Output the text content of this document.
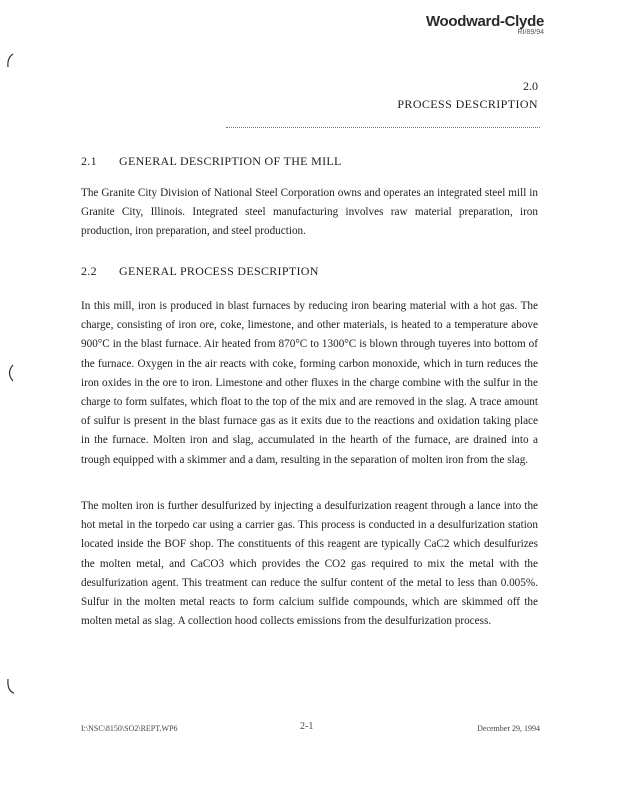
Woodward-Clyde
RI/89/94
2.0
PROCESS DESCRIPTION
2.1	GENERAL DESCRIPTION OF THE MILL

The Granite City Division of National Steel Corporation owns and operates an integrated steel mill in Granite City, Illinois. Integrated steel manufacturing involves raw material preparation, iron production, iron preparation, and steel production.

2.2	GENERAL PROCESS DESCRIPTION

In this mill, iron is produced in blast furnaces by reducing iron bearing material with a hot gas. The charge, consisting of iron ore, coke, limestone, and other materials, is heated to a temperature above 900°C in the blast furnace. Air heated from 870°C to 1300°C is blown through tuyeres into bottom of the furnace. Oxygen in the air reacts with coke, forming carbon monoxide, which in turn reduces the iron oxides in the ore to iron. Limestone and other fluxes in the charge combine with the sulfur in the charge to form sulfates, which float to the top of the mix and are removed in the slag. A trace amount of sulfur is present in the blast furnace gas as it exits due to the reactions and oxidation taking place in the furnace. Molten iron and slag, accumulated in the hearth of the furnace, are drained into a trough equipped with a skimmer and a dam, resulting in the separation of molten iron from the slag.

The molten iron is further desulfurized by injecting a desulfurization reagent through a lance into the hot metal in the torpedo car using a carrier gas. This process is conducted in a desulfurization station located inside the BOF shop. The constituents of this reagent are typically CaC2 which desulfurizes the molten metal, and CaCO3 which provides the CO2 gas required to mix the metal with the desulfurization agent. This treatment can reduce the sulfur content of the metal to less than 0.005%. Sulfur in the molten metal reacts to form calcium sulfide compounds, which are skimmed off the molten metal as slag. A collection hood collects emissions from the desulfurization process.

I:\NSC\8150\SO2\REPT.WP6	2-1	December 29, 1994
